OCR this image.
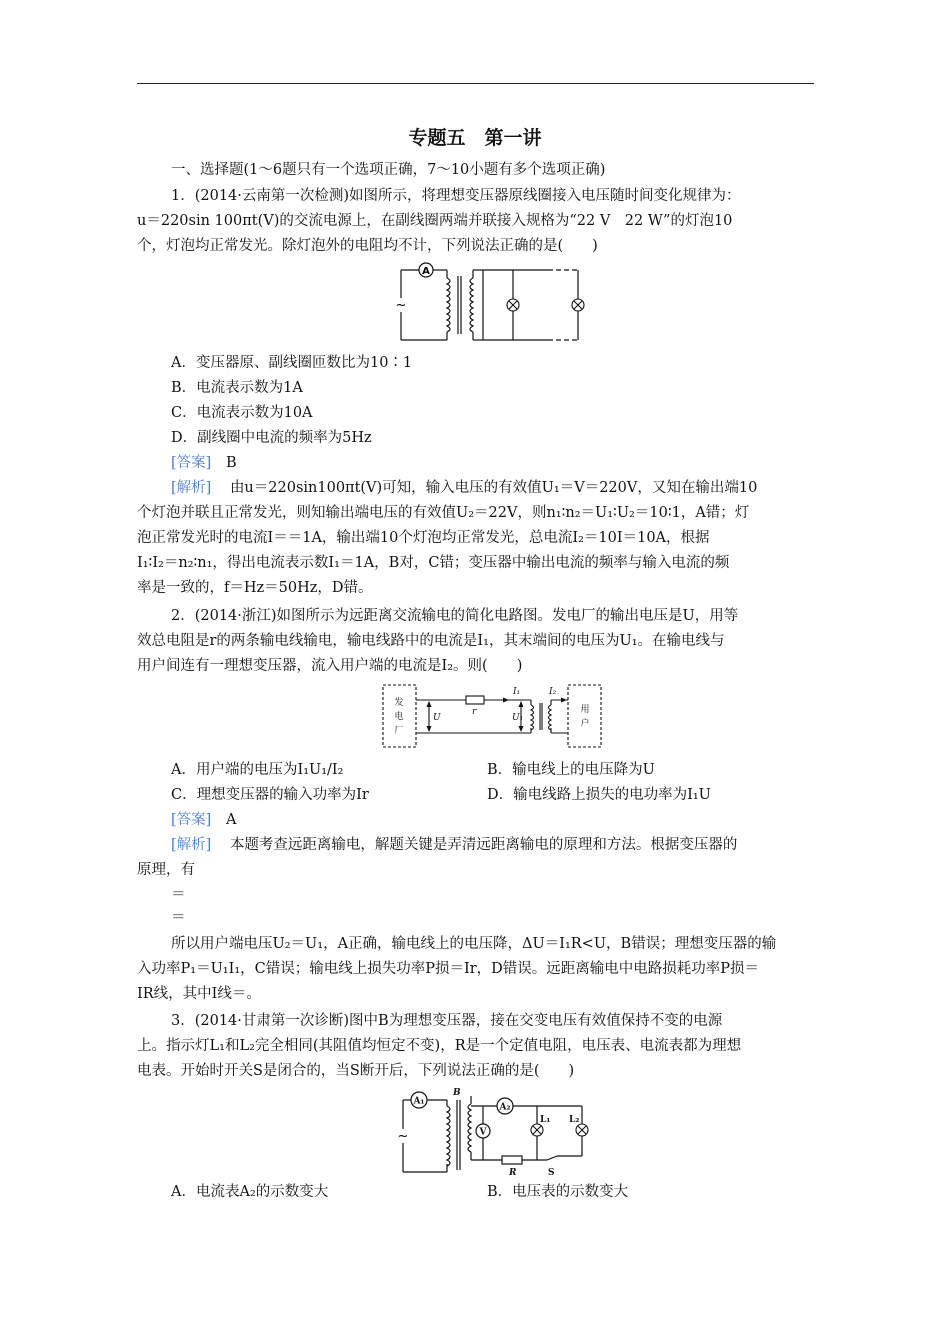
专题五　第一讲
一、选择题(1～6题只有一个选项正确，7～10小题有多个选项正确)
1．(2014·云南第一次检测)如图所示，将理想变压器原线圈接入电压随时间变化规律为：
u＝220sin 100πt(V)的交流电源上，在副线圈两端并联接入规格为“22 V　22 W”的灯泡10
个，灯泡均正常发光。除灯泡外的电阻均不计，下列说法正确的是(　　)
A
~
A．变压器原、副线圈匝数比为10∶1
B．电流表示数为1A
C．电流表示数为10A
D．副线圈中电流的频率为5Hz
[答案] B
[解析] 由u＝220sin100πt(V)可知，输入电压的有效值U₁＝V＝220V，又知在输出端10
个灯泡并联且正常发光，则知输出端电压的有效值U₂＝22V，则n₁∶n₂＝U₁∶U₂＝10∶1，A错；灯
泡正常发光时的电流I＝＝1A，输出端10个灯泡均正常发光，总电流I₂＝10I＝10A，根据
I₁∶I₂＝n₂∶n₁，得出电流表示数I₁＝1A，B对，C错；变压器中输出电流的频率与输入电流的频
率是一致的，f＝Hz＝50Hz，D错。
2．(2014·浙江)如图所示为远距离交流输电的简化电路图。发电厂的输出电压是U，用等
效总电阻是r的两条输电线输电，输电线路中的电流是I₁，其末端间的电压为U₁。在输电线与
用户间连有一理想变压器，流入用户端的电流是I₂。则(　　)
发
电
厂
用
户
U
r
I₁
U₁
I₂
A．用户端的电压为I₁U₁/I₂	B．输电线上的电压降为U
C．理想变压器的输入功率为Ir	D．输电线路上损失的电功率为I₁U
[答案] A
[解析] 本题考查远距离输电，解题关键是弄清远距离输电的原理和方法。根据变压器的
原理，有
＝
＝
所以用户端电压U₂＝U₁，A正确，输电线上的电压降，ΔU＝I₁R<U，B错误；理想变压器的输
入功率P₁＝U₁I₁，C错误；输电线上损失功率P损＝Ir，D错误。远距离输电中电路损耗功率P损＝
IR线，其中I线＝。
3．(2014·甘肃第一次诊断)图中B为理想变压器，接在交变电压有效值保持不变的电源
上。指示灯L₁和L₂完全相同(其阻值均恒定不变)，R是一个定值电阻，电压表、电流表都为理想
电表。开始时开关S是闭合的，当S断开后，下列说法正确的是(　　)
A₁
A₂
V
B
L₁ L₂
R	S
~
A．电流表A₂的示数变大	B．电压表的示数变大
